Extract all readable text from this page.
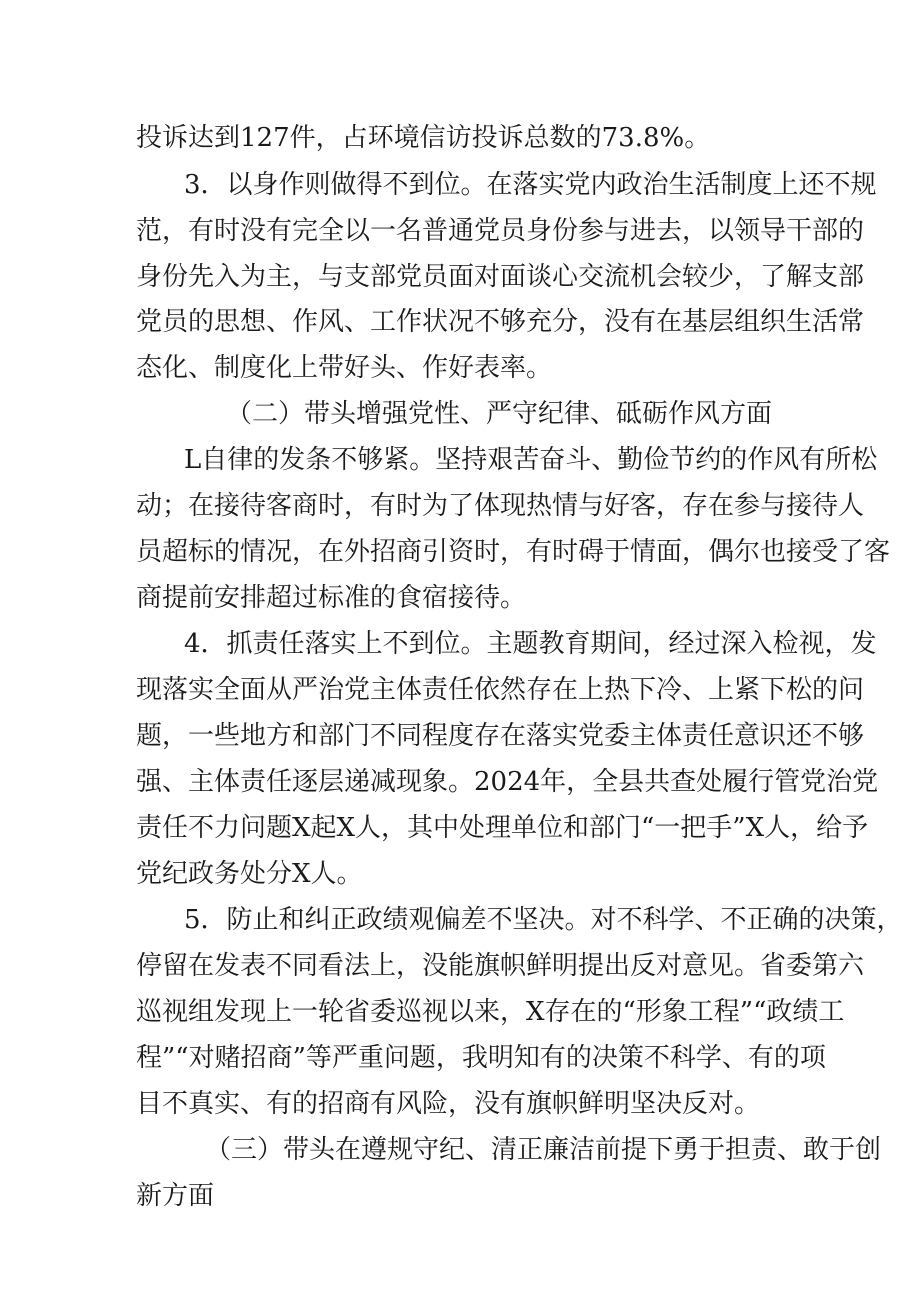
投诉达到127件，占环境信访投诉总数的73.8%。
3．以身作则做得不到位。在落实党内政治生活制度上还不规
范，有时没有完全以一名普通党员身份参与进去，以领导干部的
身份先入为主，与支部党员面对面谈心交流机会较少，了解支部
党员的思想、作风、工作状况不够充分，没有在基层组织生活常
态化、制度化上带好头、作好表率。
（二）带头增强党性、严守纪律、砥砺作风方面
L自律的发条不够紧。坚持艰苦奋斗、勤俭节约的作风有所松
动；在接待客商时，有时为了体现热情与好客，存在参与接待人
员超标的情况，在外招商引资时，有时碍于情面，偶尔也接受了客
商提前安排超过标准的食宿接待。
4．抓责任落实上不到位。主题教育期间，经过深入检视，发
现落实全面从严治党主体责任依然存在上热下冷、上紧下松的问
题，一些地方和部门不同程度存在落实党委主体责任意识还不够
强、主体责任逐层递减现象。2024年，全县共查处履行管党治党
责任不力问题X起X人，其中处理单位和部门“一把手”X人，给予
党纪政务处分X人。
5．防止和纠正政绩观偏差不坚决。对不科学、不正确的决策，
停留在发表不同看法上，没能旗帜鲜明提出反对意见。省委第六
巡视组发现上一轮省委巡视以来，X存在的“形象工程”“政绩工
程”“对赌招商”等严重问题，我明知有的决策不科学、有的项
目不真实、有的招商有风险，没有旗帜鲜明坚决反对。
（三）带头在遵规守纪、清正廉洁前提下勇于担责、敢于创
新方面
